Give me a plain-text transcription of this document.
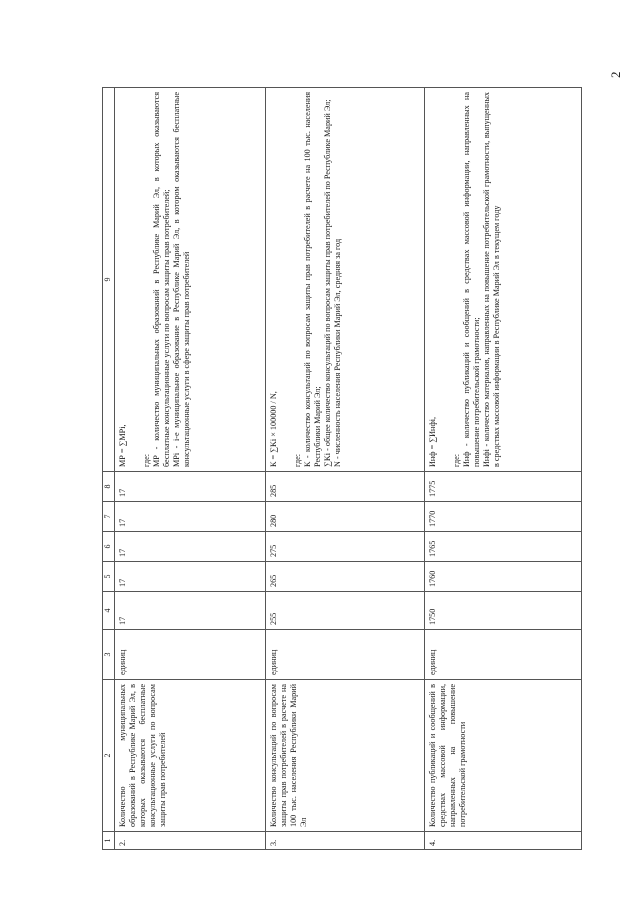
2
1	2	3	4	5	6	7	8	9
2.	Количество муниципальных образований в Республике Марий Эл, в которых оказываются бесплатные консультационные услуги по вопросам защиты прав потребителей	единиц	17	17	17	17	17	МР = ∑МРi, где: МР - количество муниципальных образований в Республике Марий Эл, в которых оказываются бесплатные консультационные услуги по вопросам защиты прав потребителей; МРi - i-е муниципальное образование в Республике Марий Эл, в котором оказываются бесплатные консультационные услуги в сфере защиты прав потребителей

3.	Количество консультаций по вопросам защиты прав потребителей в расчете на 100 тыс. населения Республики Марий Эл	единиц	255	265	275	280	285	К = ∑Ki × 100000 / N, где: К - количество консультаций по вопросам защиты прав потребителей в расчете на 100 тыс. населения Республики Марий Эл; ∑Ki - общее количество консультаций по вопросам защиты прав потребителей по Республике Марий Эл; N - численность населения Республики Марий Эл, средняя за год

4.	Количество публикаций и сообщений в средствах массовой информации, направленных на повышение потребительской грамотности	единиц	1750	1760	1765	1770	1775	Инф = ∑Инфi, где: Инф - количество публикаций и сообщений в средствах массовой информации, направленных на повышение потребительской грамотности; Инфi - количество материалов, направленных на повышение потребительской грамотности, выпущенных в средствах массовой информации в Республике Марий Эл в текущем году
